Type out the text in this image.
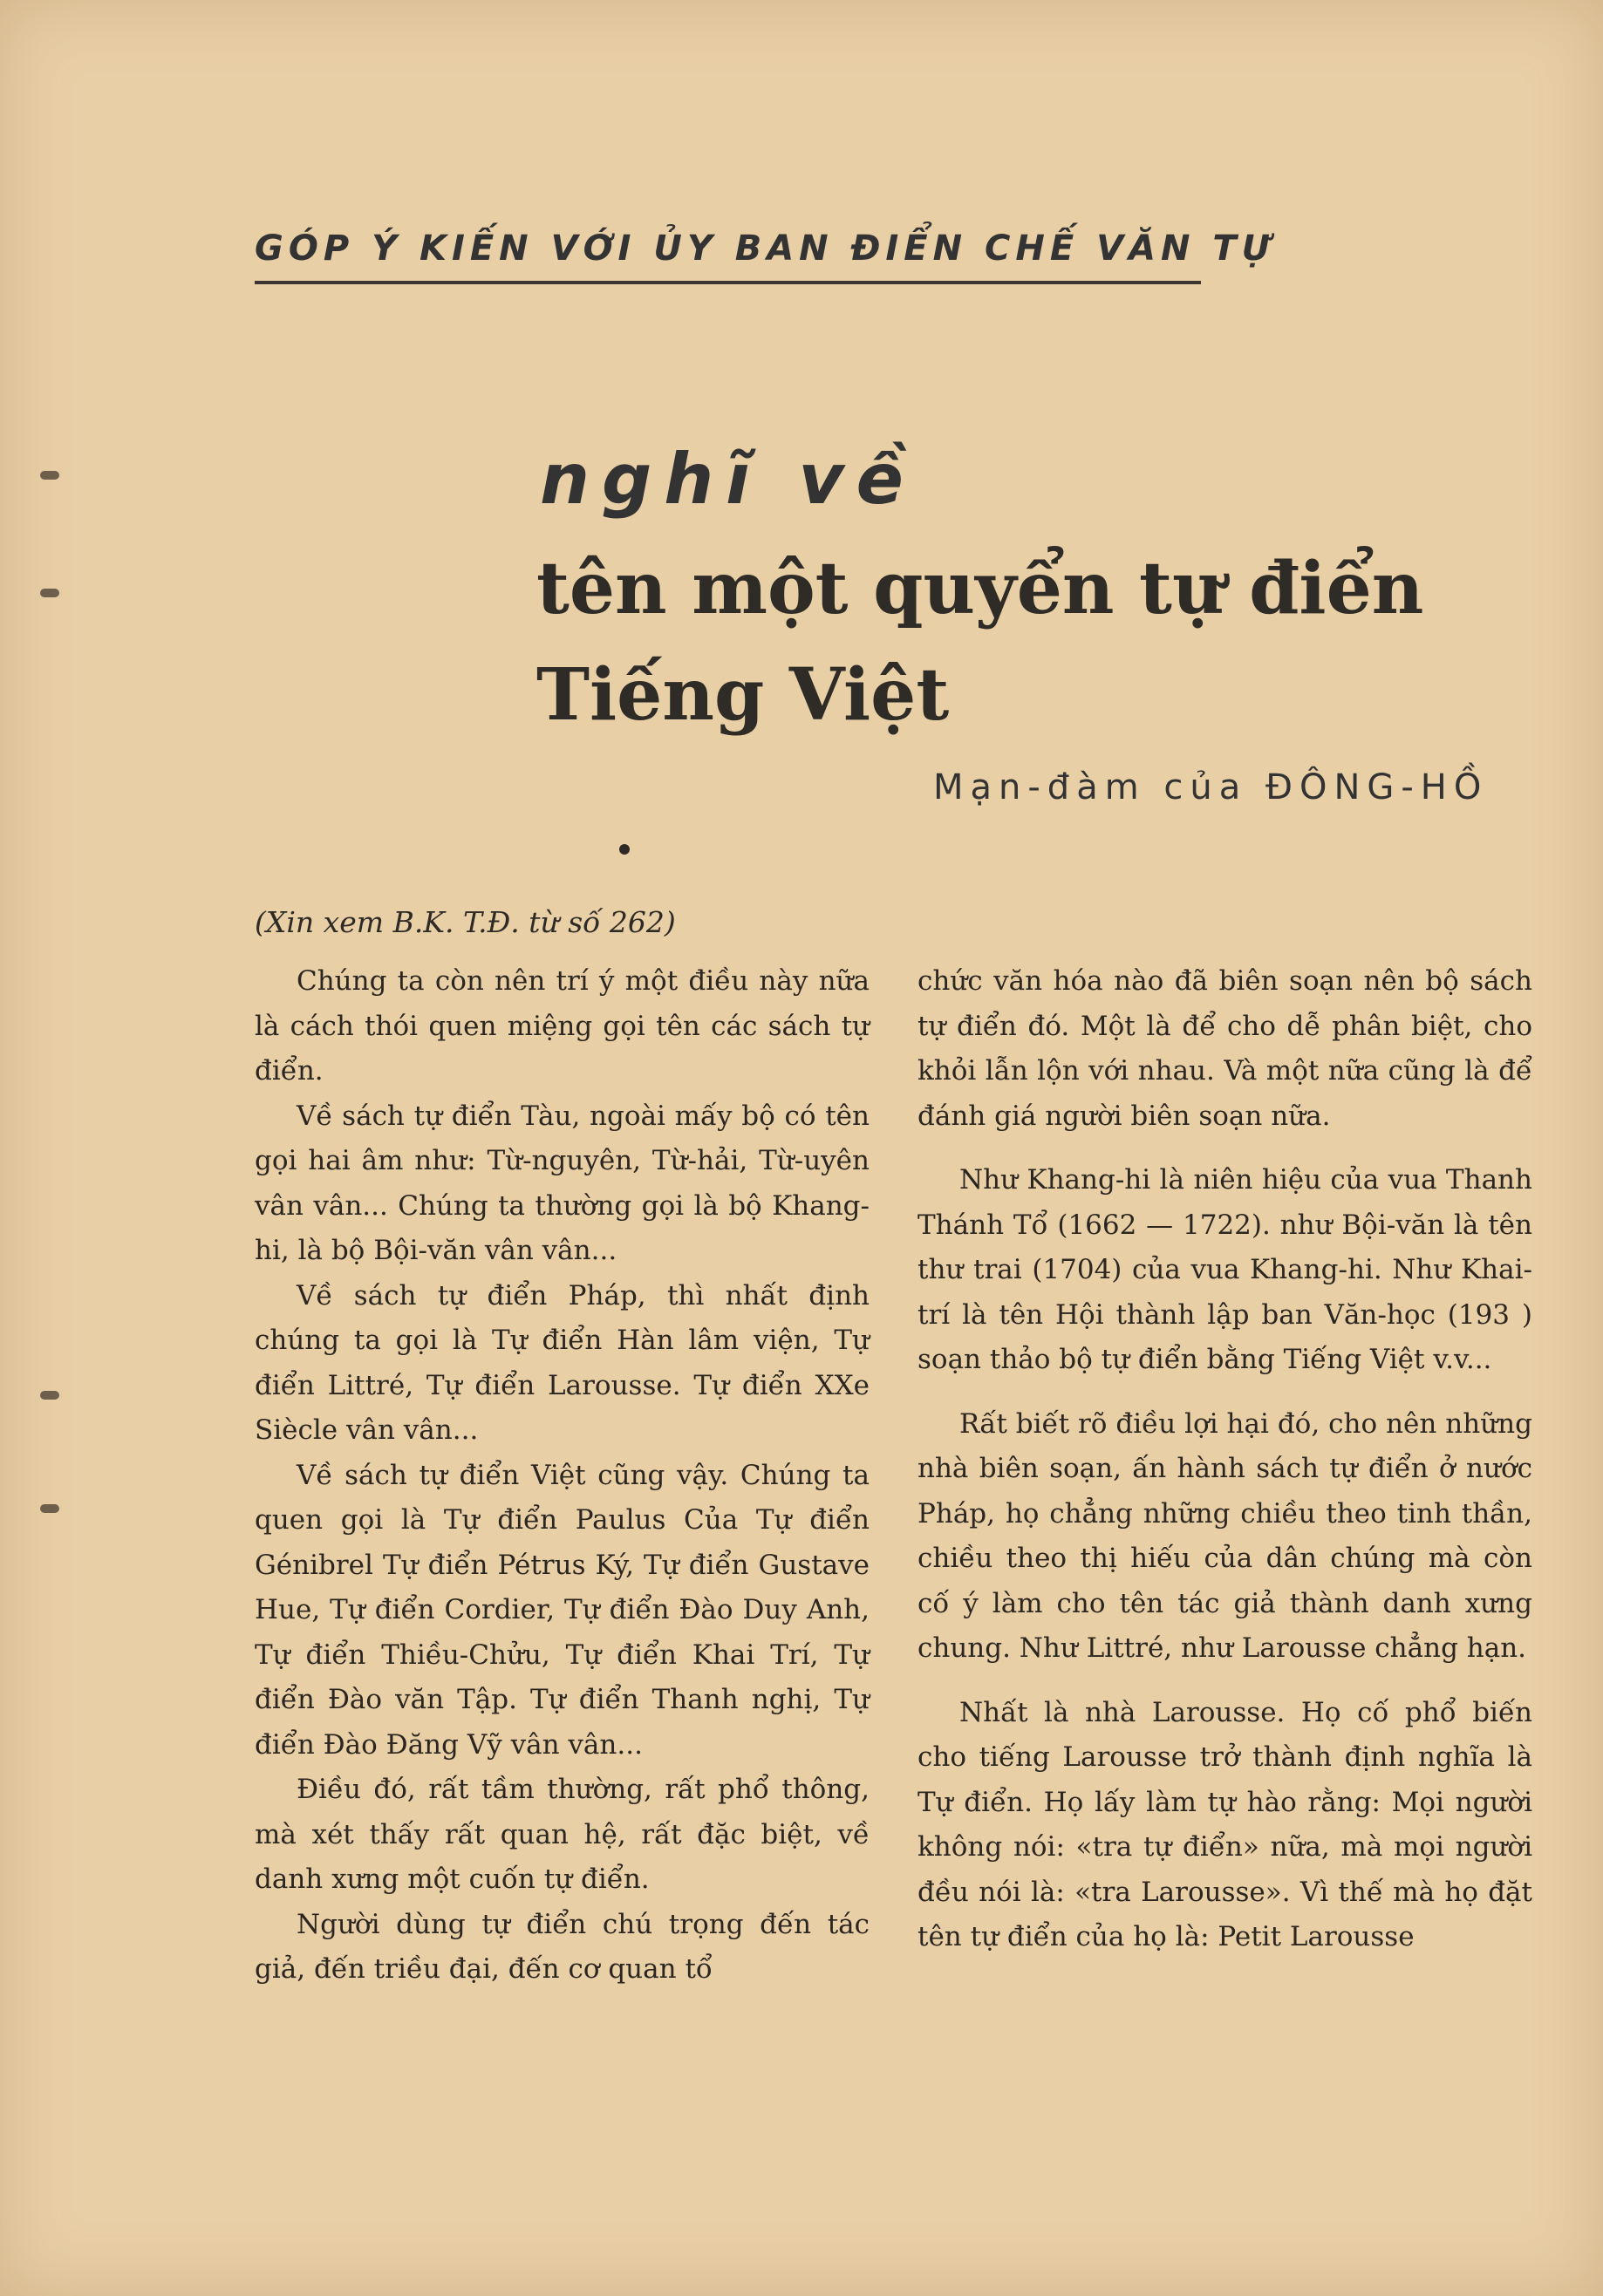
GÓP Ý KIẾN VỚI ỦY BAN ĐIỂN CHẾ VĂN TỰ
nghĩ về
tên một quyển tự điển
Tiếng Việt

Mạn-đàm của ĐÔNG-HỒ

(Xin xem B.K. T.Đ. từ số 262)

Chúng ta còn nên trí ý một điều này nữa là cách thói quen miệng gọi tên các sách tự điển.

Về sách tự điển Tàu, ngoài mấy bộ có tên gọi hai âm như: Từ-nguyên, Từ-hải, Từ-uyên vân vân... Chúng ta thường gọi là bộ Khang-hi, là bộ Bội-văn vân vân...

Về sách tự điển Pháp, thì nhất định chúng ta gọi là Tự điển Hàn lâm viện, Tự điển Littré, Tự điển Larousse. Tự điển XXe Siècle vân vân...

Về sách tự điển Việt cũng vậy. Chúng ta quen gọi là Tự điển Paulus Của Tự điển Génibrel Tự điển Pétrus Ký, Tự điển Gustave Hue, Tự điển Cordier, Tự điển Đào Duy Anh, Tự điển Thiều-Chửu, Tự điển Khai Trí, Tự điển Đào văn Tập. Tự điển Thanh nghị, Tự điển Đào Đăng Vỹ vân vân...

Điều đó, rất tầm thường, rất phổ thông, mà xét thấy rất quan hệ, rất đặc biệt, về danh xưng một cuốn tự điển.

Người dùng tự điển chú trọng đến tác giả, đến triều đại, đến cơ quan tổ

chức văn hóa nào đã biên soạn nên bộ sách tự điển đó. Một là để cho dễ phân biệt, cho khỏi lẫn lộn với nhau. Và một nữa cũng là để đánh giá người biên soạn nữa.

Như Khang-hi là niên hiệu của vua Thanh Thánh Tổ (1662 — 1722). như Bội-văn là tên thư trai (1704) của vua Khang-hi. Như Khai-trí là tên Hội thành lập ban Văn-học (193 ) soạn thảo bộ tự điển bằng Tiếng Việt v.v...

Rất biết rõ điều lợi hại đó, cho nên những nhà biên soạn, ấn hành sách tự điển ở nước Pháp, họ chẳng những chiều theo tinh thần, chiều theo thị hiếu của dân chúng mà còn cố ý làm cho tên tác giả thành danh xưng chung. Như Littré, như Larousse chẳng hạn.

Nhất là nhà Larousse. Họ cố phổ biến cho tiếng Larousse trở thành định nghĩa là Tự điển. Họ lấy làm tự hào rằng: Mọi người không nói: «tra tự điển» nữa, mà mọi người đều nói là: «tra Larousse». Vì thế mà họ đặt tên tự điển của họ là: Petit Larousse
